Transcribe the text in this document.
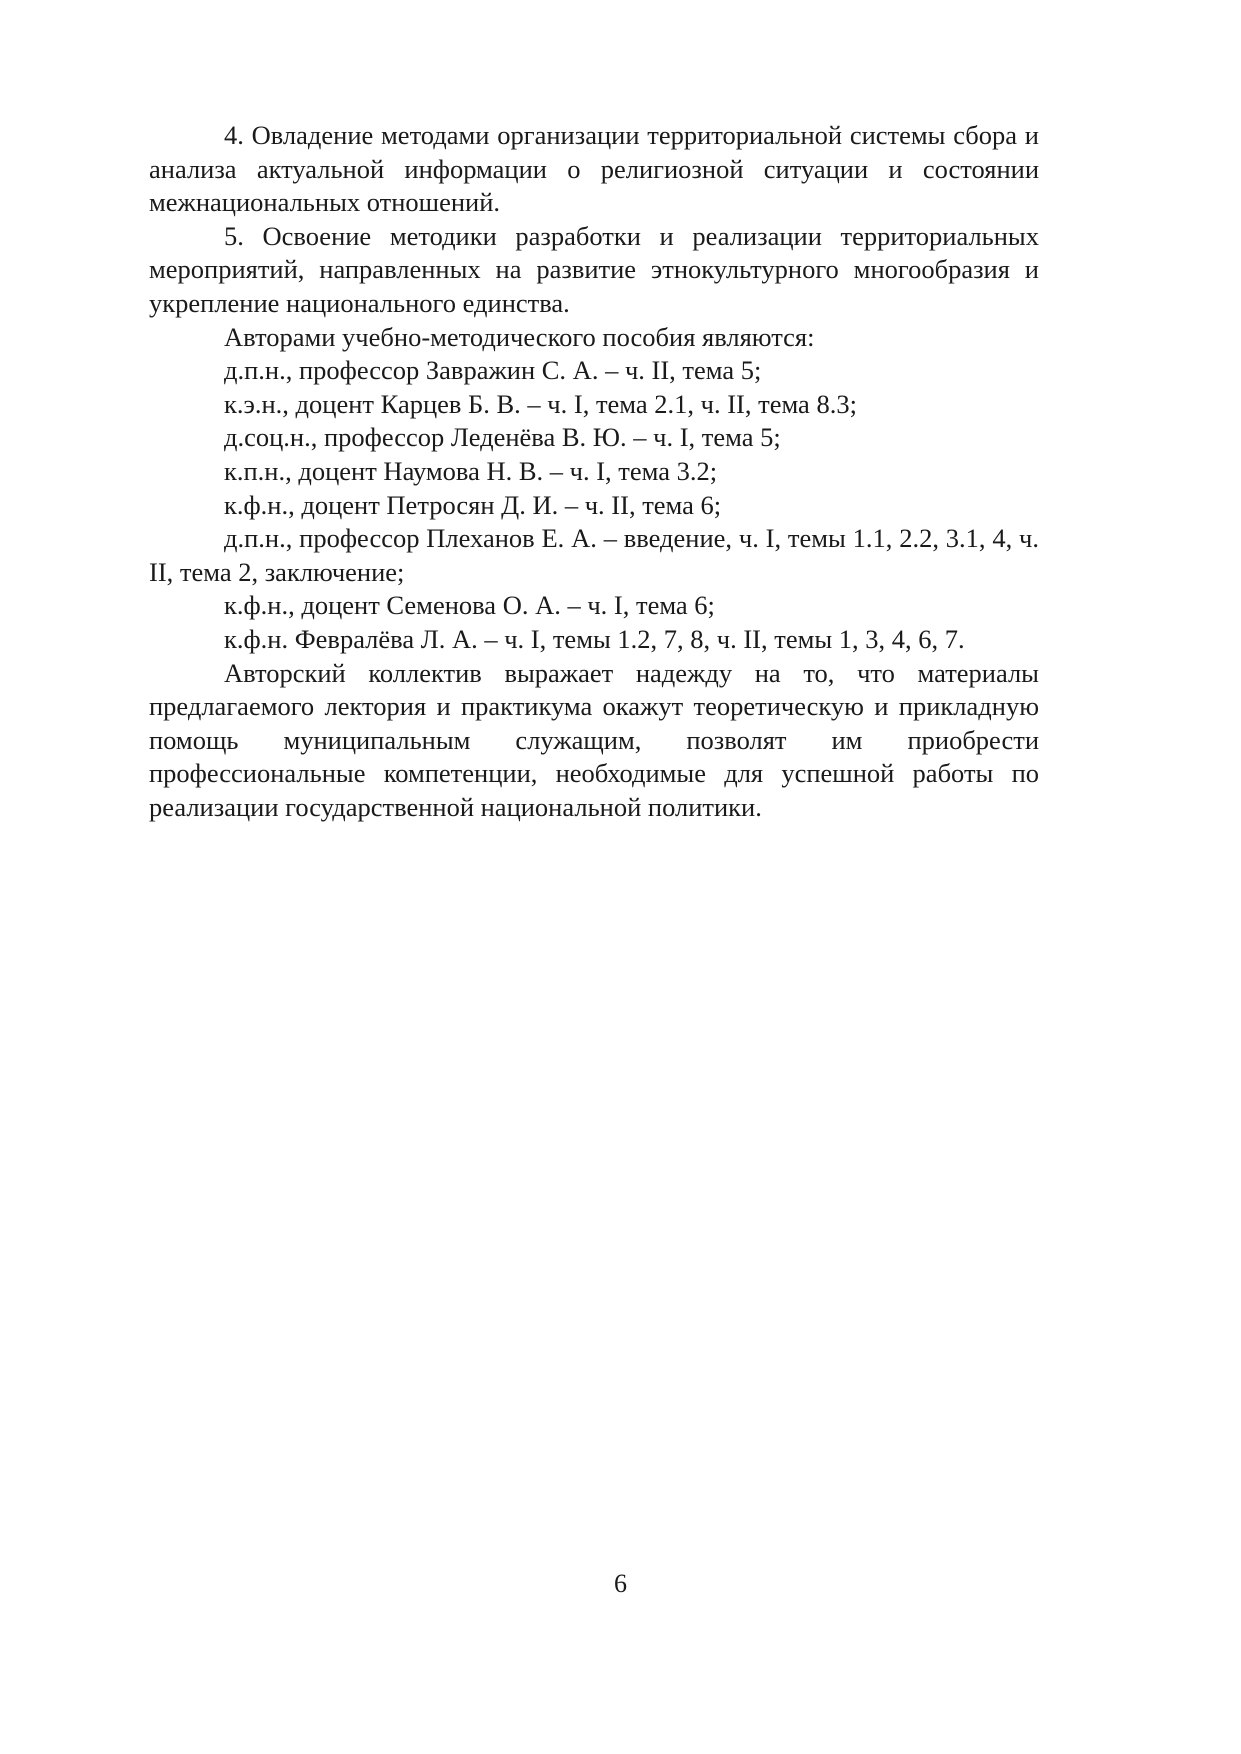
4. Овладение методами организации территориальной системы сбора и анализа актуальной информации о религиозной ситуации и состоянии межнациональных отношений.

5. Освоение методики разработки и реализации территориальных мероприятий, направленных на развитие этнокультурного многообразия и укрепление национального единства.

Авторами учебно-методического пособия являются:

д.п.н., профессор Завражин С. А. – ч. II, тема 5;

к.э.н., доцент Карцев Б. В. – ч. I, тема 2.1, ч. II, тема 8.3;

д.соц.н., профессор Леденёва В. Ю. – ч. I, тема 5;

к.п.н., доцент Наумова Н. В. – ч. I, тема 3.2;

к.ф.н., доцент Петросян Д. И. – ч. II, тема 6;

д.п.н., профессор Плеханов Е. А. – введение, ч. I, темы 1.1, 2.2, 3.1, 4, ч. II, тема 2, заключение;

к.ф.н., доцент Семенова О. А. – ч. I, тема 6;

к.ф.н. Февралёва Л. А. – ч. I, темы 1.2, 7, 8, ч. II, темы 1, 3, 4, 6, 7.

Авторский коллектив выражает надежду на то, что материалы предлагаемого лектория и практикума окажут теоретическую и прикладную помощь муниципальным служащим, позволят им приобрести профессиональные компетенции, необходимые для успешной работы по реализации государственной национальной политики.

6
